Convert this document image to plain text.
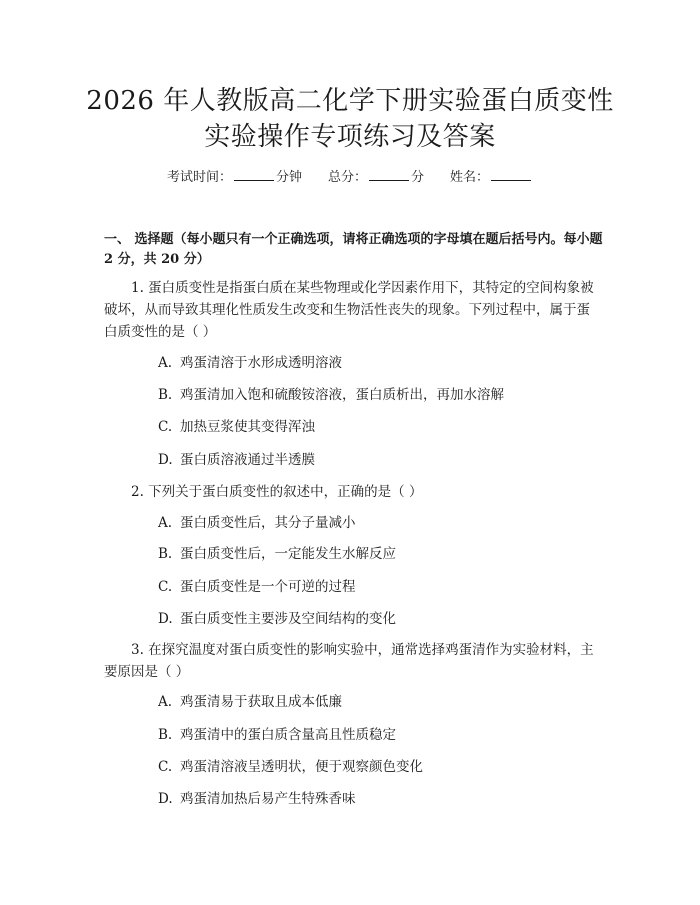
2026 年人教版高二化学下册实验蛋白质变性
实验操作专项练习及答案
考试时间：	分钟 总分：	分 姓名：
一、 选择题（每小题只有一个正确选项，请将正确选项的字母填在题后括号内。每小题 2 分，共 20 分）
1. 蛋白质变性是指蛋白质在某些物理或化学因素作用下，其特定的空间构象被破坏，从而导致其理化性质发生改变和生物活性丧失的现象。下列过程中，属于蛋白质变性的是（ ）
A. 鸡蛋清溶于水形成透明溶液
B. 鸡蛋清加入饱和硫酸铵溶液，蛋白质析出，再加水溶解
C. 加热豆浆使其变得浑浊
D. 蛋白质溶液通过半透膜
2. 下列关于蛋白质变性的叙述中，正确的是（ ）
A. 蛋白质变性后，其分子量减小
B. 蛋白质变性后，一定能发生水解反应
C. 蛋白质变性是一个可逆的过程
D. 蛋白质变性主要涉及空间结构的变化
3. 在探究温度对蛋白质变性的影响实验中，通常选择鸡蛋清作为实验材料，主要原因是（ ）
A. 鸡蛋清易于获取且成本低廉
B. 鸡蛋清中的蛋白质含量高且性质稳定
C. 鸡蛋清溶液呈透明状，便于观察颜色变化
D. 鸡蛋清加热后易产生特殊香味
